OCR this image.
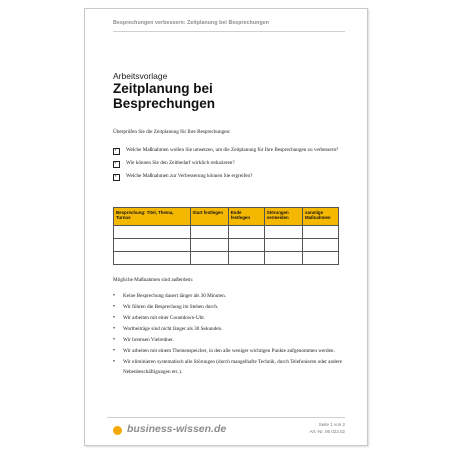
Besprechungen verbessern: Zeitplanung bei Besprechungen
Arbeitsvorlage
Zeitplanung bei
Besprechungen
Überprüfen Sie die Zeitplanung für Ihre Besprechungen:
✓
Welche Maßnahmen wollen Sie umsetzen, um die Zeitplanung für Ihre Besprechungen zu verbessern?
✓
Wie können Sie den Zeitbedarf wirklich reduzieren?
✓
Welche Maßnahmen zur Verbesserung können Sie ergreifen?
Besprechung: Titel, Thema, Turnus	Start festlegen	Ende festlegen	Störungen vermeiden	sonstige Maßnahmen

Mögliche Maßnahmen sind außerdem:
•	Keine Besprechung dauert länger als 30 Minuten.
•	Wir führen die Besprechung im Stehen durch.
•	Wir arbeiten mit einer Countdown-Uhr.
•	Wortbeiträge sind nicht länger als 30 Sekunden.
•	Wir bremsen Vielredner.
•	Wir arbeiten mit einem Themenspeicher, in den alle weniger wichtigen Punkte aufgenommen werden.
•	Wir eliminieren systematisch alle Störungen (durch mangelhafte Technik, durch Telefonieren oder andere Nebenbeschäftigungen etc.).
business-wissen.de	Seite 1 von 2
Art.-Nr. 06 022.02
